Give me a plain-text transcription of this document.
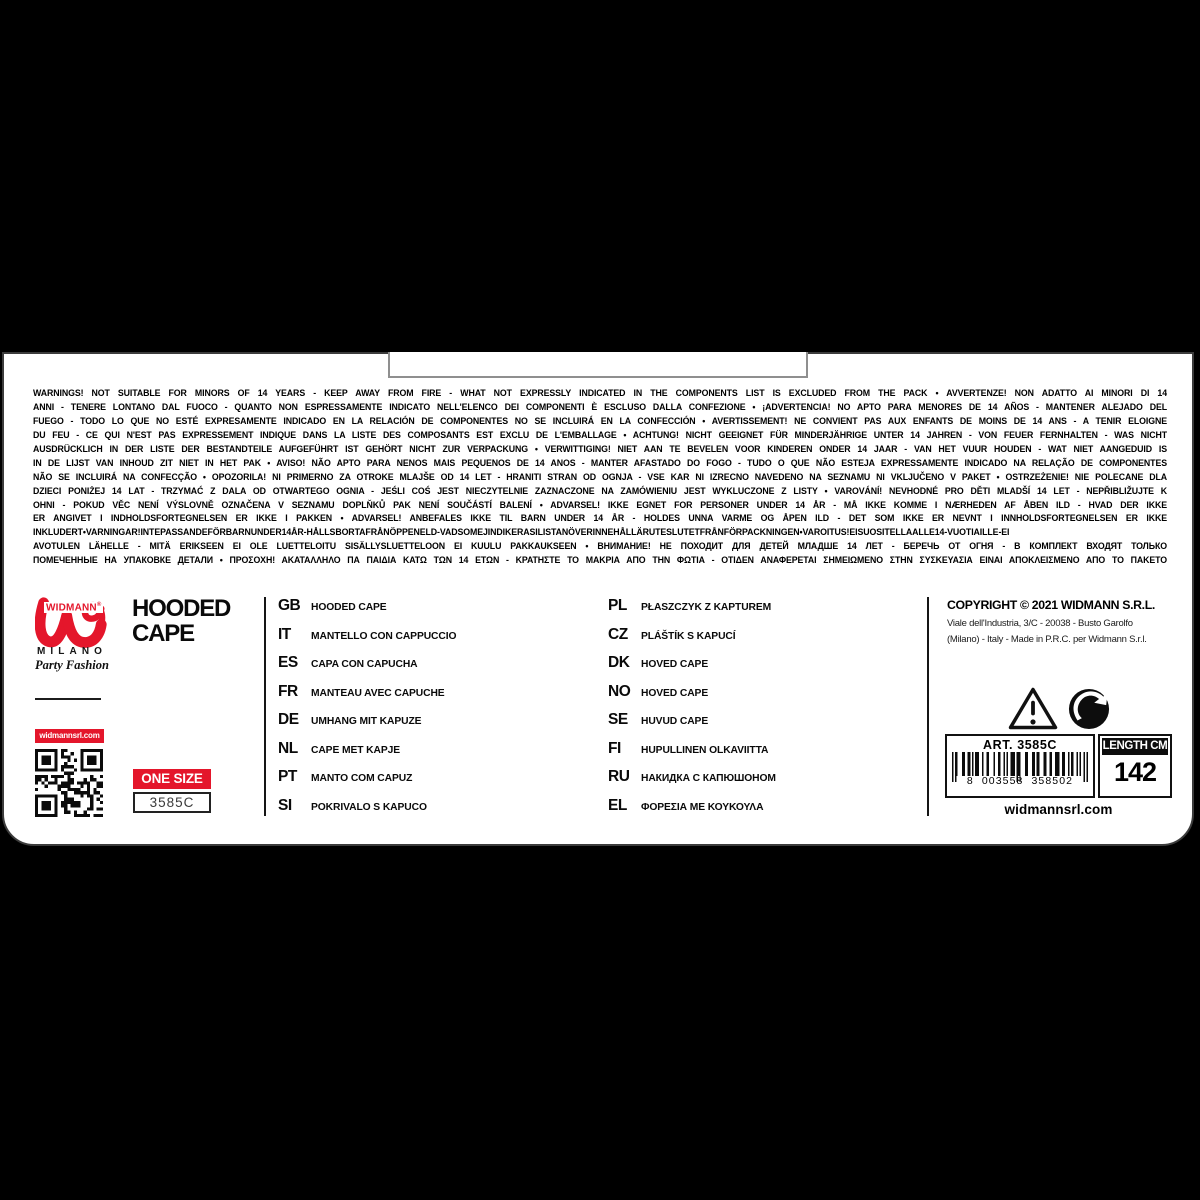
WARNINGS! NOT SUITABLE FOR MINORS OF 14 YEARS - KEEP AWAY FROM FIRE - WHAT NOT EXPRESSLY INDICATED IN THE COMPONENTS LIST IS EXCLUDED FROM THE PACK • AVVERTENZE! NON ADATTO AI MINORI DI 14
ANNI - TENERE LONTANO DAL FUOCO - QUANTO NON ESPRESSAMENTE INDICATO NELL'ELENCO DEI COMPONENTI È ESCLUSO DALLA CONFEZIONE • ¡ADVERTENCIA! NO APTO PARA MENORES DE 14 AÑOS - MANTENER ALEJADO DEL
FUEGO - TODO LO QUE NO ESTÉ EXPRESAMENTE INDICADO EN LA RELACIÓN DE COMPONENTES NO SE INCLUIRÁ EN LA CONFECCIÓN • AVERTISSEMENT! NE CONVIENT PAS AUX ENFANTS DE MOINS DE 14 ANS - A TENIR ELOIGNE
DU FEU - CE QUI N'EST PAS EXPRESSEMENT INDIQUE DANS LA LISTE DES COMPOSANTS EST EXCLU DE L'EMBALLAGE • ACHTUNG! NICHT GEEIGNET FÜR MINDERJÄHRIGE UNTER 14 JAHREN - VON FEUER FERNHALTEN - WAS NICHT
AUSDRÜCKLICH IN DER LISTE DER BESTANDTEILE AUFGEFÜHRT IST GEHÖRT NICHT ZUR VERPACKUNG • VERWITTIGING! NIET AAN TE BEVELEN VOOR KINDEREN ONDER 14 JAAR - VAN HET VUUR HOUDEN - WAT NIET AANGEDUID IS
IN DE LIJST VAN INHOUD ZIT NIET IN HET PAK • AVISO! NÃO APTO PARA NENOS MAIS PEQUENOS DE 14 ANOS - MANTER AFASTADO DO FOGO - TUDO O QUE NÃO ESTEJA EXPRESSAMENTE INDICADO NA RELAÇÃO DE COMPONENTES
NÃO SE INCLUIRÁ NA CONFECÇÃO • OPOZORILA! NI PRIMERNO ZA OTROKE MLAJŠE OD 14 LET - HRANITI STRAN OD OGNJA - VSE KAR NI IZRECNO NAVEDENO NA SEZNAMU NI VKLJUČENO V PAKET • OSTRZEŻENIE! NIE POLECANE DLA
DZIECI PONIŻEJ 14 LAT - TRZYMAĆ Z DALA OD OTWARTEGO OGNIA - JEŚLI COŚ JEST NIECZYTELNIE ZAZNACZONE NA ZAMÓWIENIU JEST WYKLUCZONE Z LISTY • VAROVÁNÍ! NEVHODNÉ PRO DĚTI MLADŠÍ 14 LET - NEPŘIBLIŽUJTE K
OHNI - POKUD VĚC NENÍ VÝSLOVNĚ OZNAČENA V SEZNAMU DOPLŇKŮ PAK NENÍ SOUČÁSTÍ BALENÍ • ADVARSEL! IKKE EGNET FOR PERSONER UNDER 14 ÅR - MÅ IKKE KOMME I NÆRHEDEN AF ÅBEN ILD - HVAD DER IKKE
ER ANGIVET I INDHOLDSFORTEGNELSEN ER IKKE I PAKKEN • ADVARSEL! ANBEFALES IKKE TIL BARN UNDER 14 ÅR - HOLDES UNNA VARME OG ÅPEN ILD - DET SOM IKKE ER NEVNT I INNHOLDSFORTEGNELSEN ER IKKE
INKLUDERT•VARNINGAR!INTEPASSANDEFÖRBARNUNDER14ÅR-HÅLLSBORTAFRÅNÖPPENELD-VADSOMEJINDIKERASILISTANÖVERINNEHÅLLÄRUTESLUTETFRÅNFÖRPACKNINGEN•VAROITUS!EISUOSITELLAALLE14-VUOTIAILLE-EI
AVOTULEN LÄHELLE - MITÄ ERIKSEEN EI OLE LUETTELOITU SISÄLLYSLUETTELOON EI KUULU PAKKAUKSEEN • ВНИМАНИЕ! НЕ ПОХОДИТ ДЛЯ ДЕТЕЙ МЛАДШЕ 14 ЛЕТ - БЕРЕЧЬ ОТ ОГНЯ - В КОМПЛЕКТ ВХОДЯТ ТОЛЬКО
ПОМЕЧЕННЫЕ НА УПАКОВКЕ ДЕТАЛИ • ΠΡΟΣΟΧΗ! ΑΚΑΤΑΛΛΗΛΟ ΠΑ ΠΑΙΔΙΑ ΚΑΤΩ ΤΩΝ 14 ΕΤΩΝ - ΚΡΑΤΗΣΤΕ ΤΟ ΜΑΚΡΙΑ ΑΠΟ ΤΗΝ ΦΩΤΙΑ - ΟΤΙΔΕΝ ΑΝΑΦΕΡΕΤΑΙ ΣΗΜΕΙΩΜΕΝΟ ΣΤΗΝ ΣΥΣΚΕΥΑΣΙΑ ΕΙΝΑΙ ΑΠΟΚΛΕΙΣΜΕΝΟ ΑΠΟ ΤΟ ΠΑΚΕΤΟ
WIDMANN®
MILANO
Party Fashion
widmannsrl.com
ONE SIZE
3585C
HOODED
CAPE
GB	HOODED CAPE
IT	MANTELLO CON CAPPUCCIO
ES	CAPA CON CAPUCHA
FR	MANTEAU AVEC CAPUCHE
DE	UMHANG MIT KAPUZE
NL	CAPE MET KAPJE
PT	MANTO COM CAPUZ
SI	POKRIVALO S KAPUCO
PL	PŁASZCZYK Z KAPTUREM
CZ	PLÁŠTÍK S KAPUCÍ
DK	HOVED CAPE
NO	HOVED CAPE
SE	HUVUD CAPE
FI	HUPULLINEN OLKAVIITTA
RU	НАКИДКА С КАПЮШОНОМ
EL	ΦΟΡΕΣΙΑ ΜΕ ΚΟΥΚΟΥΛΑ
COPYRIGHT © 2021 WIDMANN S.R.L.
Viale dell'Industria, 3/C - 20038 - Busto Garolfo
(Milano) - Italy - Made in P.R.C. per Widmann S.r.l.
ART. 3585C
8 003558 358502
LENGTH CM
142
widmannsrl.com
